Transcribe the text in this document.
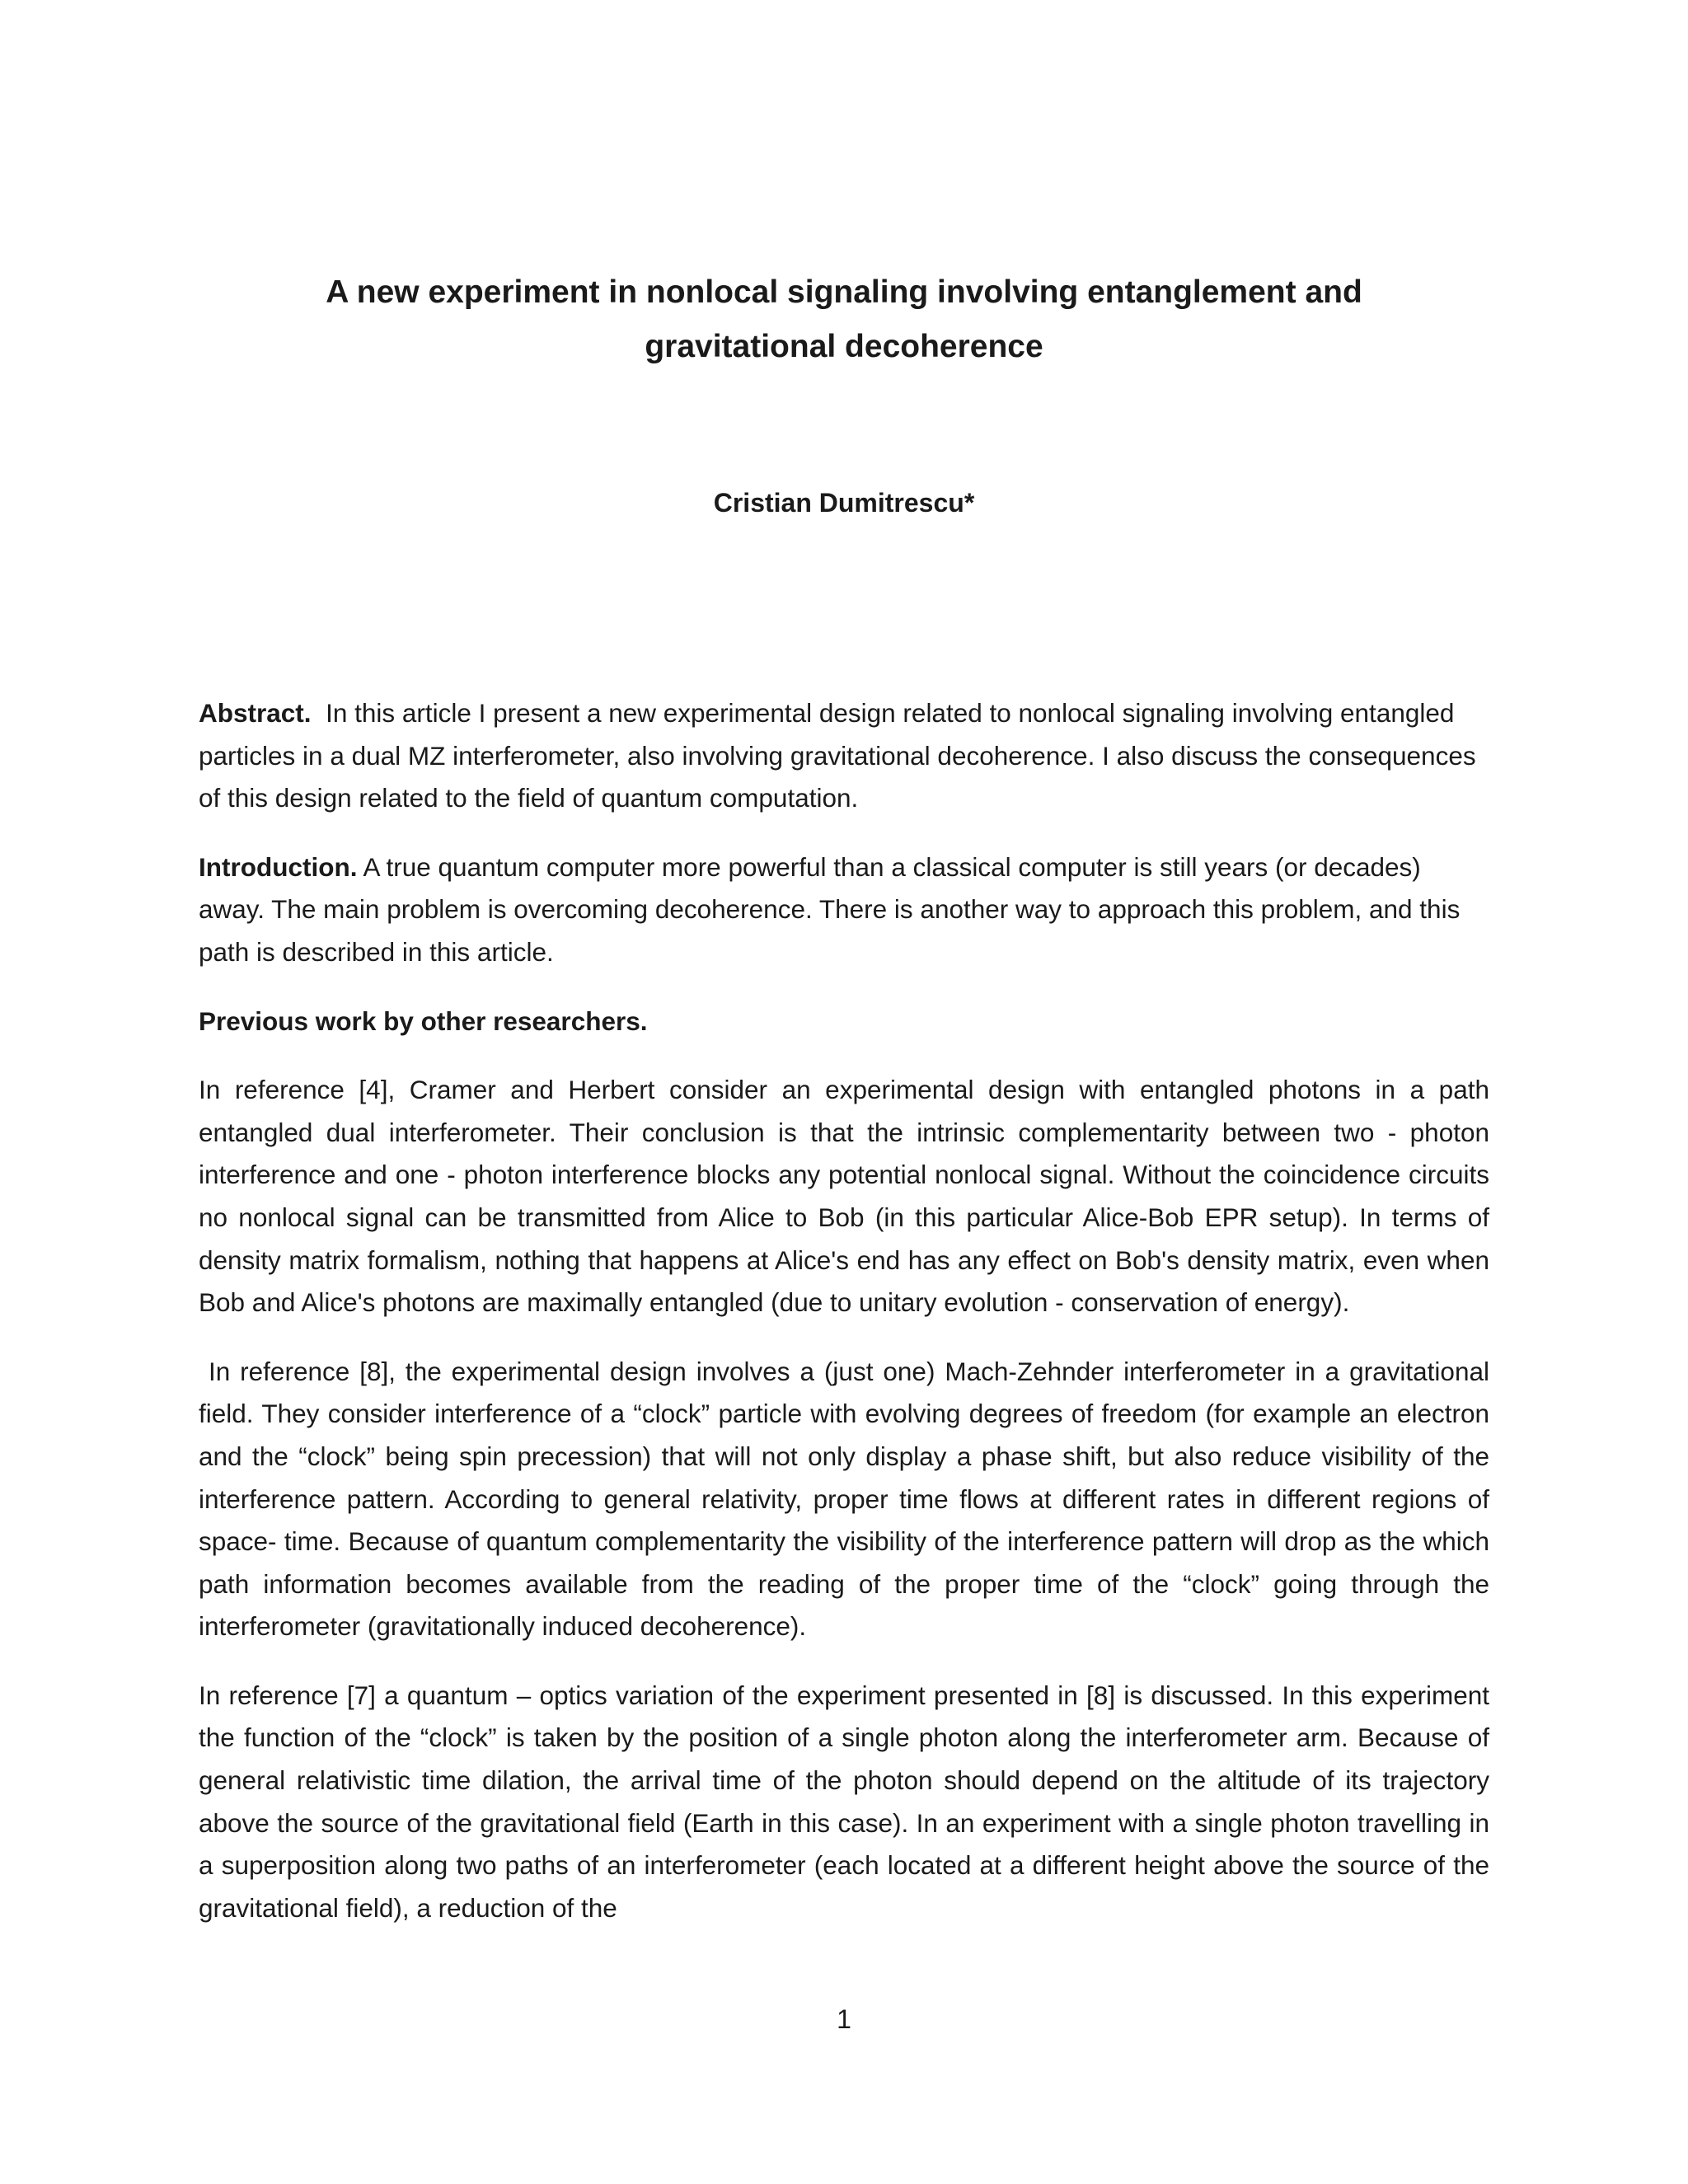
A new experiment in nonlocal signaling involving entanglement and
gravitational decoherence

Cristian Dumitrescu*

Abstract. In this article I present a new experimental design related to nonlocal signaling involving entangled particles in a dual MZ interferometer, also involving gravitational decoherence. I also discuss the consequences of this design related to the field of quantum computation.

Introduction. A true quantum computer more powerful than a classical computer is still years (or decades) away. The main problem is overcoming decoherence. There is another way to approach this problem, and this path is described in this article.

Previous work by other researchers.

In reference [4], Cramer and Herbert consider an experimental design with entangled photons in a path entangled dual interferometer. Their conclusion is that the intrinsic complementarity between two - photon interference and one - photon interference blocks any potential nonlocal signal. Without the coincidence circuits no nonlocal signal can be transmitted from Alice to Bob (in this particular Alice-Bob EPR setup). In terms of density matrix formalism, nothing that happens at Alice's end has any effect on Bob's density matrix, even when Bob and Alice's photons are maximally entangled (due to unitary evolution - conservation of energy).

In reference [8], the experimental design involves a (just one) Mach-Zehnder interferometer in a gravitational field. They consider interference of a “clock” particle with evolving degrees of freedom (for example an electron and the “clock” being spin precession) that will not only display a phase shift, but also reduce visibility of the interference pattern. According to general relativity, proper time flows at different rates in different regions of space- time. Because of quantum complementarity the visibility of the interference pattern will drop as the which path information becomes available from the reading of the proper time of the “clock” going through the interferometer (gravitationally induced decoherence).

In reference [7] a quantum – optics variation of the experiment presented in [8] is discussed. In this experiment the function of the “clock” is taken by the position of a single photon along the interferometer arm. Because of general relativistic time dilation, the arrival time of the photon should depend on the altitude of its trajectory above the source of the gravitational field (Earth in this case). In an experiment with a single photon travelling in a superposition along two paths of an interferometer (each located at a different height above the source of the gravitational field), a reduction of the

1
